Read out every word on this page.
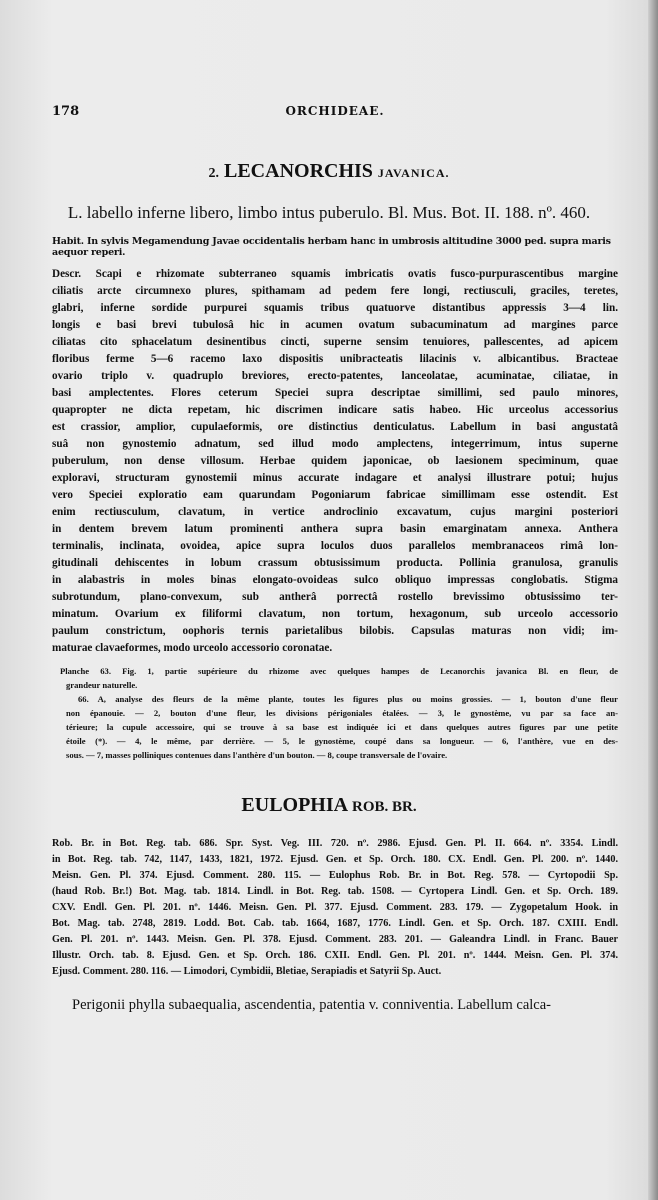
178	ORCHIDEAE.
2. LECANORCHIS JAVANICA.
L. labello inferne libero, limbo intus puberulo. Bl. Mus. Bot. II. 188. nº. 460.
Habit. In sylvis Megamendung Javae occidentalis herbam hanc in umbrosis altitudine 3000 ped. supra maris aequor reperi.
Descr. Scapi e rhizomate subterraneo squamis imbricatis ovatis fusco-purpurascentibus margine
ciliatis arcte circumnexo plures, spithamam ad pedem fere longi, rectiusculi, graciles, teretes,
glabri, inferne sordide purpurei squamis tribus quatuorve distantibus appressis 3—4 lin.
longis e basi brevi tubulosâ hic in acumen ovatum subacuminatum ad margines parce
ciliatas cito sphacelatum desinentibus cincti, superne sensim tenuiores, pallescentes, ad apicem
floribus ferme 5—6 racemo laxo dispositis unibracteatis lilacinis v. albicantibus. Bracteae
ovario triplo v. quadruplo breviores, erecto-patentes, lanceolatae, acuminatae, ciliatae, in
basi amplectentes. Flores ceterum Speciei supra descriptae simillimi, sed paulo minores,
quapropter ne dicta repetam, hic discrimen indicare satis habeo. Hic urceolus accessorius
est crassior, amplior, cupulaeformis, ore distinctius denticulatus. Labellum in basi angustatâ
suâ non gynostemio adnatum, sed illud modo amplectens, integerrimum, intus superne
puberulum, non dense villosum. Herbae quidem japonicae, ob laesionem speciminum, quae
exploravi, structuram gynostemii minus accurate indagare et analysi illustrare potui; hujus
vero Speciei exploratio eam quarundam Pogoniarum fabricae simillimam esse ostendit. Est
enim rectiusculum, clavatum, in vertice androclinio excavatum, cujus margini posteriori
in dentem brevem latum prominenti anthera supra basin emarginatam annexa. Anthera
terminalis, inclinata, ovoidea, apice supra loculos duos parallelos membranaceos rimâ lon-
gitudinali dehiscentes in lobum crassum obtusissimum producta. Pollinia granulosa, granulis
in alabastris in moles binas elongato-ovoideas sulco obliquo impressas conglobatis. Stigma
subrotundum, plano-convexum, sub antherâ porrectâ rostello brevissimo obtusissimo ter-
minatum. Ovarium ex filiformi clavatum, non tortum, hexagonum, sub urceolo accessorio
paulum constrictum, oophoris ternis parietalibus bilobis. Capsulas maturas non vidi; im-
maturae clavaeformes, modo urceolo accessorio coronatae.
Planche 63. Fig. 1, partie supérieure du rhizome avec quelques hampes de Lecanorchis javanica Bl. en fleur, de
grandeur naturelle.
66. A, analyse des fleurs de la même plante, toutes les figures plus ou moins grossies. — 1, bouton d'une fleur
non épanouie. — 2, bouton d'une fleur, les divisions périgoniales étalées. — 3, le gynostème, vu par sa face an-
térieure; la cupule accessoire, qui se trouve à sa base est indiquée ici et dans quelques autres figures par une petite
étoile (*). — 4, le même, par derrière. — 5, le gynostème, coupé dans sa longueur. — 6, l'anthère, vue en des-
sous. — 7, masses polliniques contenues dans l'anthère d'un bouton. — 8, coupe transversale de l'ovaire.
EULOPHIA ROB. BR.
Rob. Br. in Bot. Reg. tab. 686. Spr. Syst. Veg. III. 720. nº. 2986. Ejusd. Gen. Pl. II. 664. nº. 3354. Lindl.
in Bot. Reg. tab. 742, 1147, 1433, 1821, 1972. Ejusd. Gen. et Sp. Orch. 180. CX. Endl. Gen. Pl. 200. nº. 1440.
Meisn. Gen. Pl. 374. Ejusd. Comment. 280. 115. — Eulophus Rob. Br. in Bot. Reg. 578. — Cyrtopodii Sp.
(haud Rob. Br.!) Bot. Mag. tab. 1814. Lindl. in Bot. Reg. tab. 1508. — Cyrtopera Lindl. Gen. et Sp. Orch. 189.
CXV. Endl. Gen. Pl. 201. nº. 1446. Meisn. Gen. Pl. 377. Ejusd. Comment. 283. 179. — Zygopetalum Hook. in
Bot. Mag. tab. 2748, 2819. Lodd. Bot. Cab. tab. 1664, 1687, 1776. Lindl. Gen. et Sp. Orch. 187. CXIII. Endl.
Gen. Pl. 201. nº. 1443. Meisn. Gen. Pl. 378. Ejusd. Comment. 283. 201. — Galeandra Lindl. in Franc. Bauer
Illustr. Orch. tab. 8. Ejusd. Gen. et Sp. Orch. 186. CXII. Endl. Gen. Pl. 201. nº. 1444. Meisn. Gen. Pl. 374.
Ejusd. Comment. 280. 116. — Limodori, Cymbidii, Bletiae, Serapiadis et Satyrii Sp. Auct.
Perigonii phylla subaequalia, ascendentia, patentia v. conniventia. Labellum calca-
